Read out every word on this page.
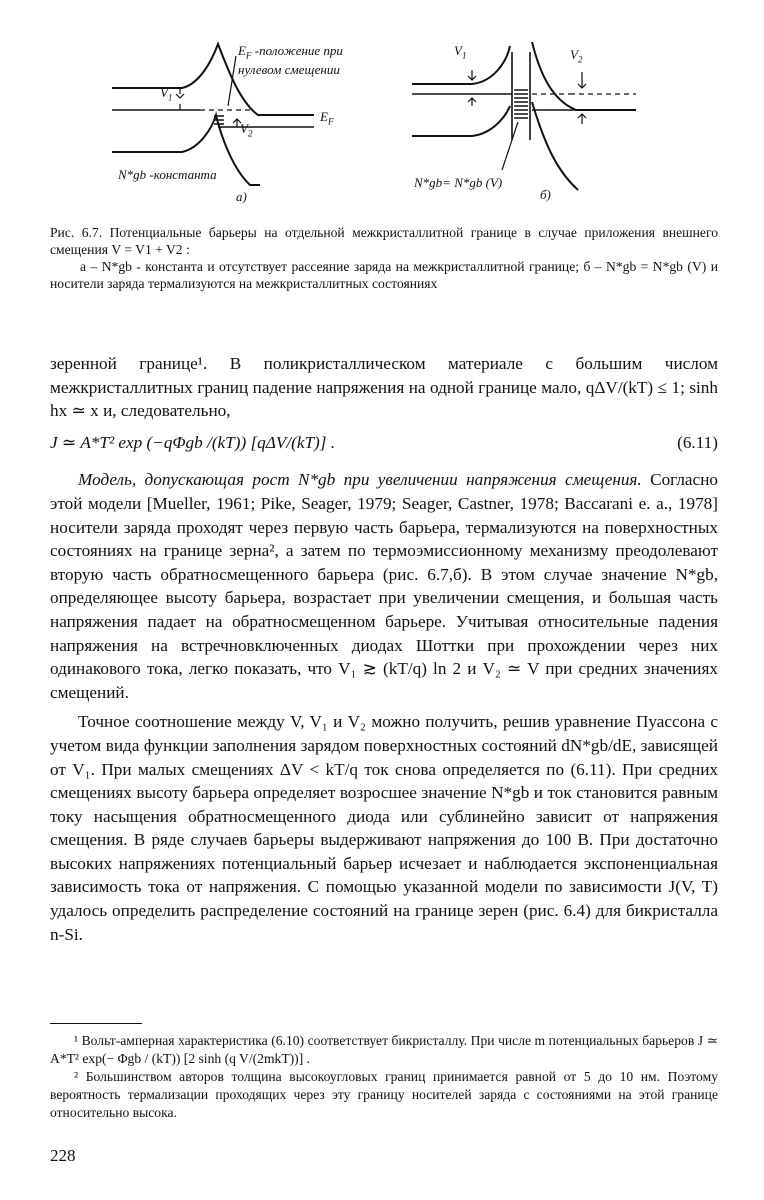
$E_F$ -положение при
нулевом смещении
$V_1$
$V_2$
$E_F$
N*gb -константа
a)
$V_1$	$V_2$
N*gb= N*gb (V)
б)

Рис. 6.7. Потенциальные барьеры на отдельной межкристаллитной границе в случае приложения внешнего смещения V = V1 + V2 :

а – N*gb - константа и отсутствует рассеяние заряда на межкристаллитной границе; б – N*gb = N*gb (V) и носители заряда термализуются на межкристаллитных состояниях

зеренной границе¹. В поликристаллическом материале с большим числом межкристаллитных границ падение напряжения на одной границе мало, qΔV/(kT) ≤ 1; sinh hx ≃ x и, следовательно,

J ≃ A*T² exp (−qΦgb /(kT)) [qΔV/(kT)] .	(6.11)

Модель, допускающая рост N*gb при увеличении напряжения смещения. Согласно этой модели [Mueller, 1961; Pike, Seager, 1979; Seager, Castner, 1978; Baccarani e. a., 1978] носители заряда проходят через первую часть барьера, термализуются на поверхностных состояниях на границе зерна², а затем по термоэмиссионному механизму преодолевают вторую часть обратносмещенного барьера (рис. 6.7,б). В этом случае значение N*gb, определяющее высоту барьера, возрастает при увеличении смещения, и большая часть напряжения падает на обратносмещенном барьере. Учитывая относительные падения напряжения на встречновключенных диодах Шоттки при прохождении через них одинакового тока, легко показать, что V₁ ≳ (kT/q) ln 2 и V₂ ≃ V при средних значениях смещений.

Точное соотношение между V, V₁ и V₂ можно получить, решив уравнение Пуассона с учетом вида функции заполнения зарядом поверхностных состояний dN*gb/dE, зависящей от V₁. При малых смещениях ΔV < kT/q ток снова определяется по (6.11). При средних смещениях высоту барьера определяет возросшее значение N*gb и ток становится равным току насыщения обратносмещенного диода или сублинейно зависит от напряжения смещения. В ряде случаев барьеры выдерживают напряжения до 100 В. При достаточно высоких напряжениях потенциальный барьер исчезает и наблюдается экспоненциальная зависимость тока от напряжения. С помощью указанной модели по зависимости J(V, T) удалось определить распределение состояний на границе зерен (рис. 6.4) для бикристалла n-Si.

¹ Вольт-амперная характеристика (6.10) соответствует бикристаллу. При числе m потенциальных барьеров J ≃ A*T² exp(− Φgb / (kT)) [2 sinh (q V/(2mkT))] .

² Большинством авторов толщина высокоугловых границ принимается равной от 5 до 10 нм. Поэтому вероятность термализации проходящих через эту границу носителей заряда с состояниями на этой границе относительно высока.

228
